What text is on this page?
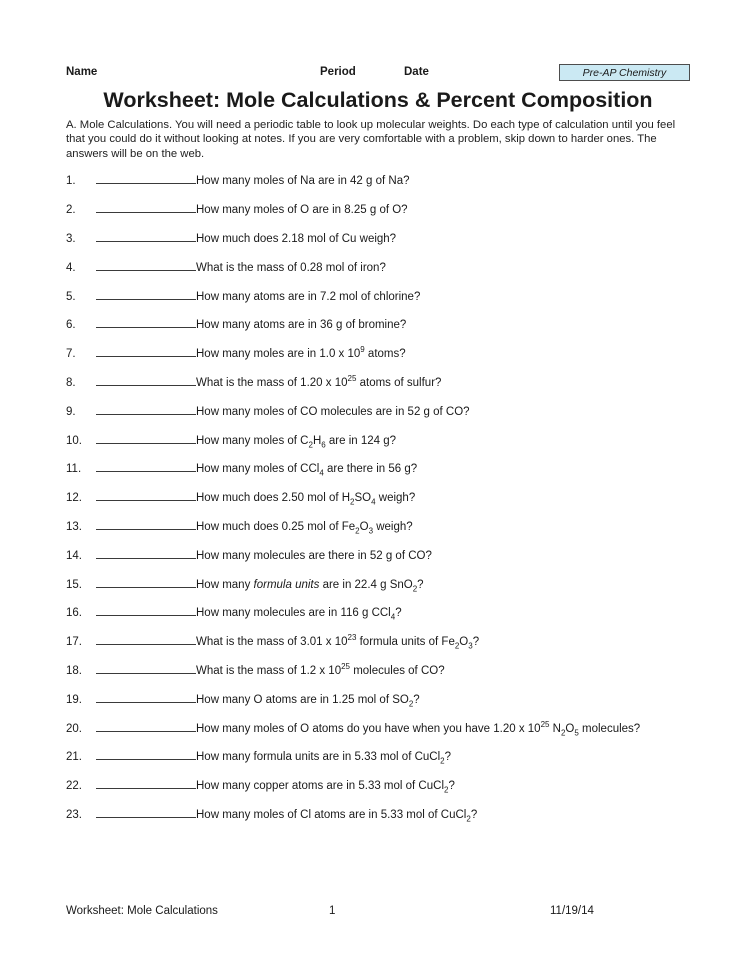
Name	Period	Date	Pre-AP Chemistry
Worksheet: Mole Calculations & Percent Composition
A. Mole Calculations. You will need a periodic table to look up molecular weights. Do each type of calculation until you feel that you could do it without looking at notes. If you are very comfortable with a problem, skip down to harder ones. The answers will be on the web.
1.	How many moles of Na are in 42 g of Na?
2.	How many moles of O are in 8.25 g of O?
3.	How much does 2.18 mol of Cu weigh?
4.	What is the mass of 0.28 mol of iron?
5.	How many atoms are in 7.2 mol of chlorine?
6.	How many atoms are in 36 g of bromine?
7.	How many moles are in 1.0 x $10^9$ atoms?
8.	What is the mass of 1.20 x $10^{25}$ atoms of sulfur?
9.	How many moles of CO molecules are in 52 g of CO?
10.	How many moles of $C_2H_6$ are in 124 g?
11.	How many moles of CCl$_4$ are there in 56 g?
12.	How much does 2.50 mol of $H_2SO_4$ weigh?
13.	How much does 0.25 mol of $Fe_2O_3$ weigh?
14.	How many molecules are there in 52 g of CO?
15.	How many formula units are in 22.4 g SnO$_2$?
16.	How many molecules are in 116 g CCl$_4$?
17.	What is the mass of 3.01 x $10^{23}$ formula units of $Fe_2O_3$?
18.	What is the mass of 1.2 x $10^{25}$ molecules of CO?
19.	How many O atoms are in 1.25 mol of $SO_2$?
20.	How many moles of O atoms do you have when you have 1.20 x $10^{25}$ $N_2O_5$ molecules?
21.	How many formula units are in 5.33 mol of CuCl$_2$?
22.	How many copper atoms are in 5.33 mol of CuCl$_2$?
23.	How many moles of Cl atoms are in 5.33 mol of CuCl$_2$?
Worksheet: Mole Calculations	1	11/19/14
